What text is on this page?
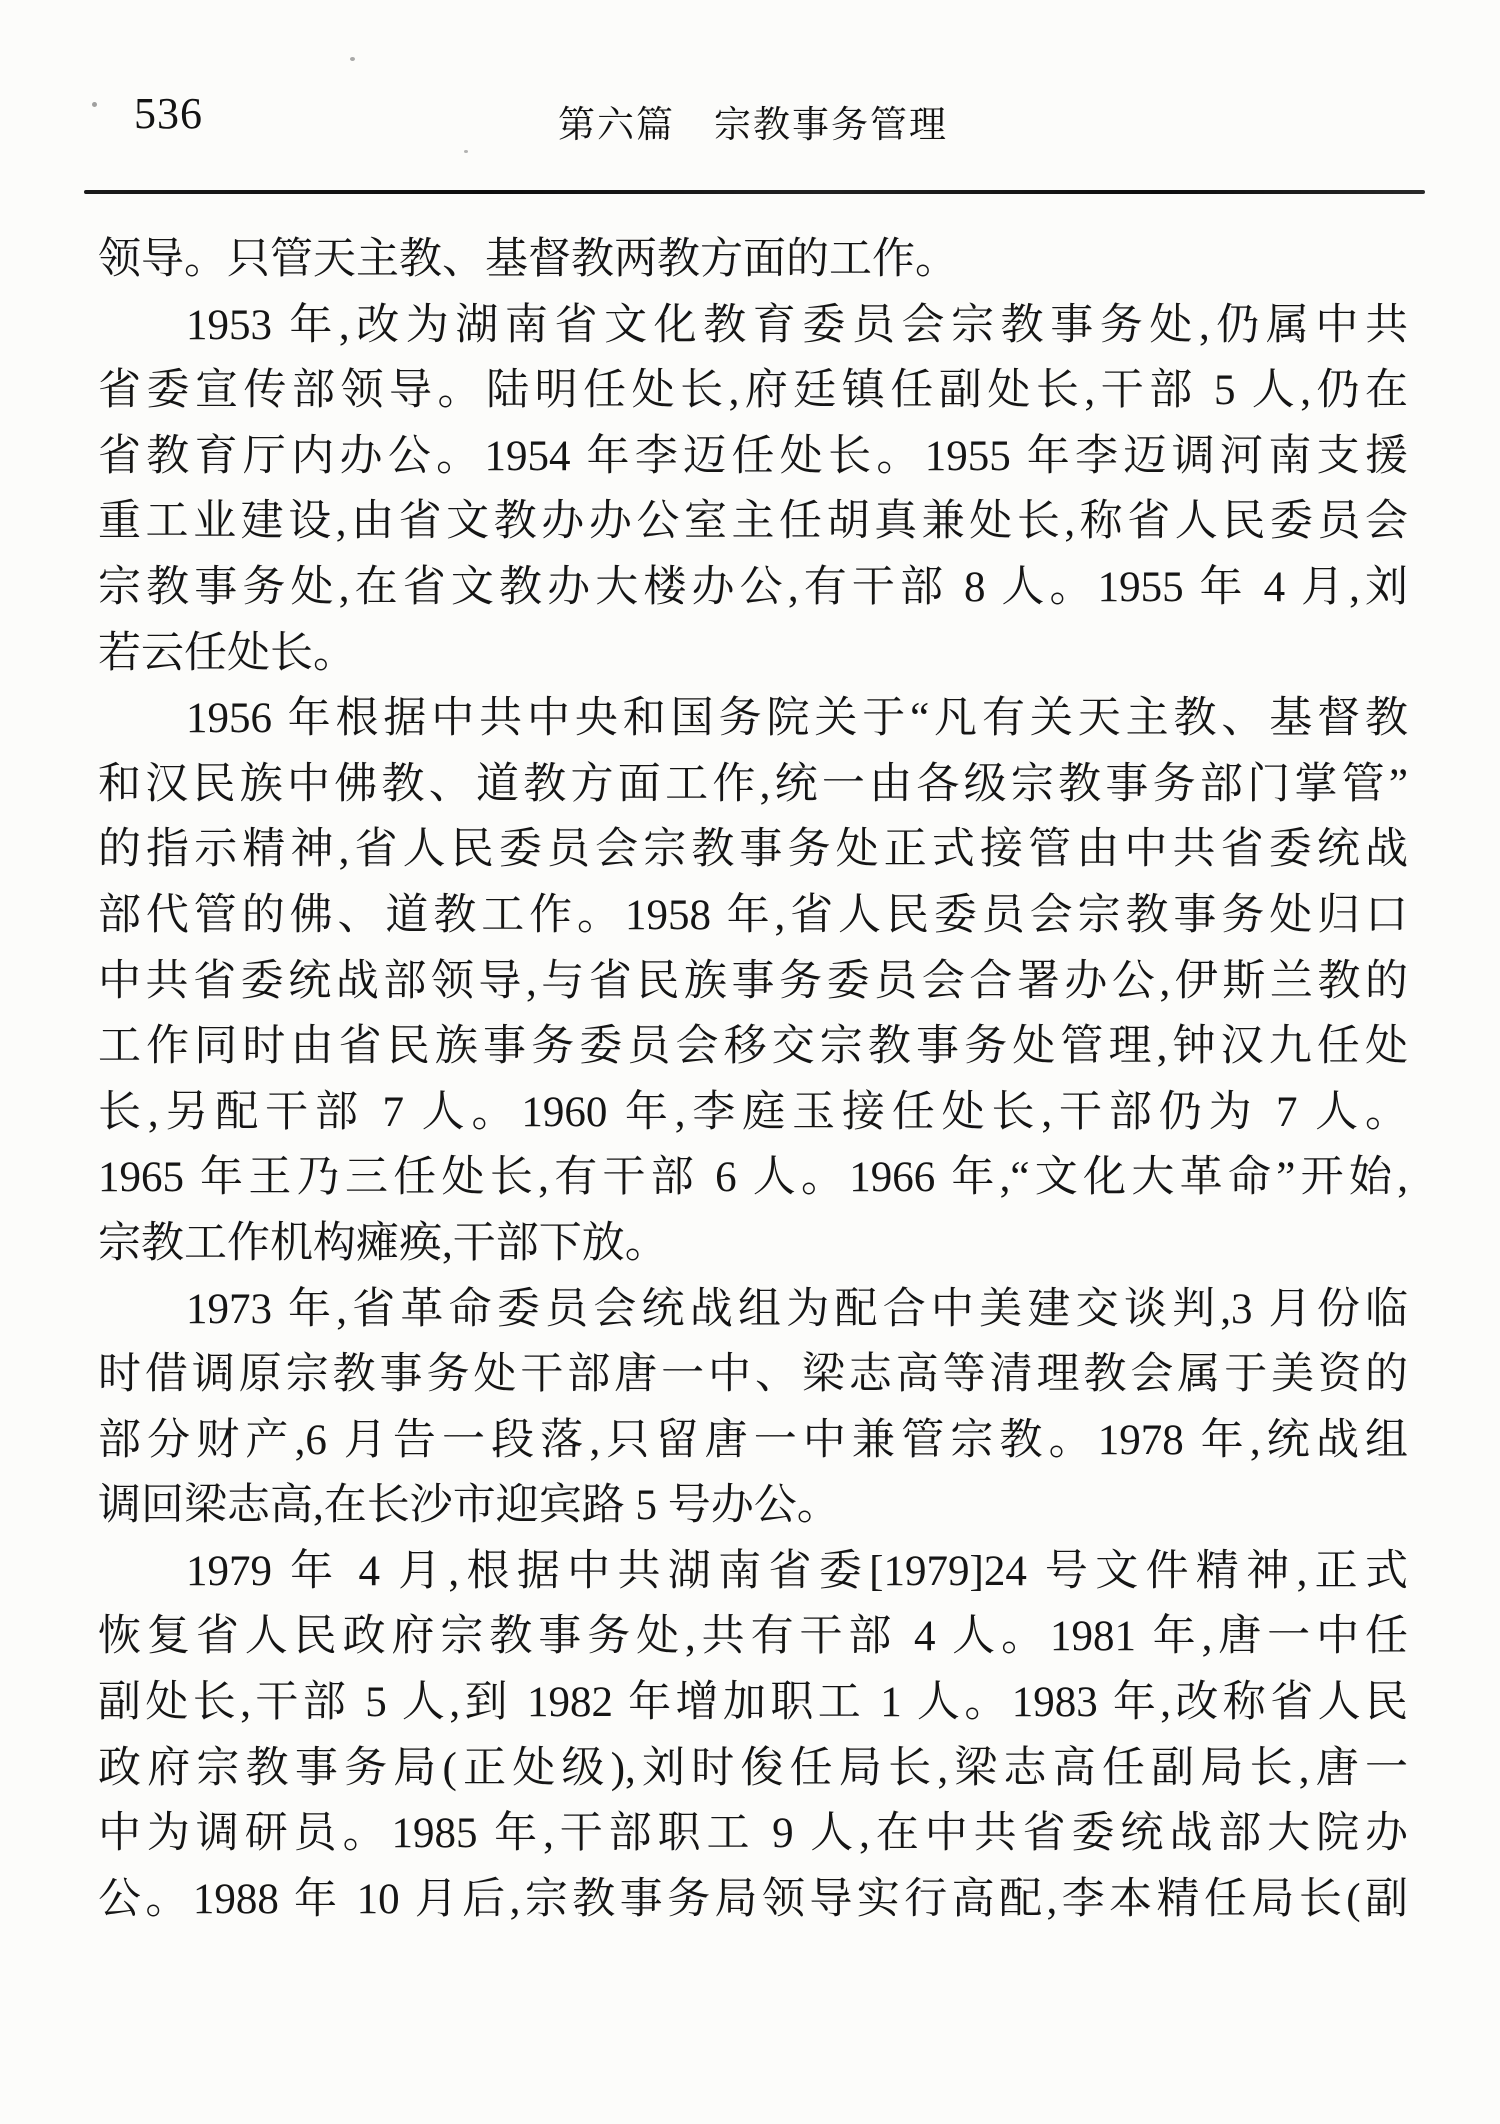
536	第六篇　宗教事务管理
领导。只管天主教、基督教两教方面的工作。
1953 年,改为湖南省文化教育委员会宗教事务处,仍属中共
省委宣传部领导。陆明任处长,府廷镇任副处长,干部 5 人,仍在
省教育厅内办公。1954 年李迈任处长。1955 年李迈调河南支援
重工业建设,由省文教办办公室主任胡真兼处长,称省人民委员会
宗教事务处,在省文教办大楼办公,有干部 8 人。1955 年 4 月,刘
若云任处长。
1956 年根据中共中央和国务院关于“凡有关天主教、基督教
和汉民族中佛教、道教方面工作,统一由各级宗教事务部门掌管”
的指示精神,省人民委员会宗教事务处正式接管由中共省委统战
部代管的佛、道教工作。1958 年,省人民委员会宗教事务处归口
中共省委统战部领导,与省民族事务委员会合署办公,伊斯兰教的
工作同时由省民族事务委员会移交宗教事务处管理,钟汉九任处
长,另配干部 7 人。1960 年,李庭玉接任处长,干部仍为 7 人。
1965 年王乃三任处长,有干部 6 人。1966 年,“文化大革命”开始,
宗教工作机构瘫痪,干部下放。
1973 年,省革命委员会统战组为配合中美建交谈判,3 月份临
时借调原宗教事务处干部唐一中、梁志高等清理教会属于美资的
部分财产,6 月告一段落,只留唐一中兼管宗教。1978 年,统战组
调回梁志高,在长沙市迎宾路 5 号办公。
1979 年 4 月,根据中共湖南省委[1979]24 号文件精神,正式
恢复省人民政府宗教事务处,共有干部 4 人。1981 年,唐一中任
副处长,干部 5 人,到 1982 年增加职工 1 人。1983 年,改称省人民
政府宗教事务局(正处级),刘时俊任局长,梁志高任副局长,唐一
中为调研员。1985 年,干部职工 9 人,在中共省委统战部大院办
公。1988 年 10 月后,宗教事务局领导实行高配,李本精任局长(副
